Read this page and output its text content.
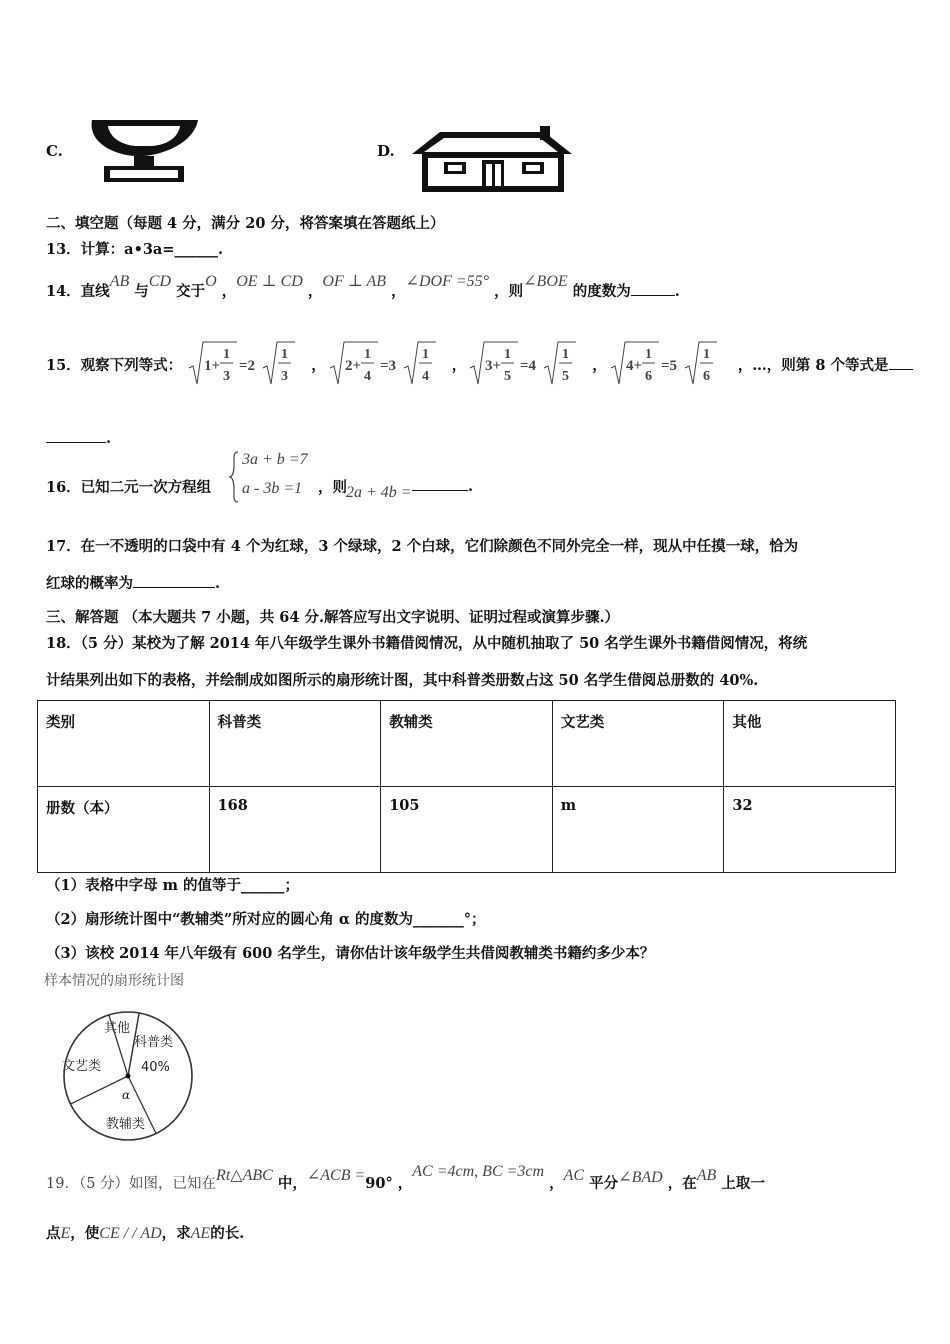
C.	D.
二、填空题（每题 4 分，满分 20 分，将答案填在答题纸上）
13．计算：a•3a=______.
14．直线AB 与CD 交于O ，OE ⊥ CD ，OF ⊥ AB ，∠DOF =55° ，则∠BOE 的度数为	.
15．观察下列等式： 1+
1
3
=2
1
3
， 2+
1
4
=3
1
4
， 3+
1
5
=4
1
5
， 4+
1
6
=5
1
6
，…，则第 8 个等式是
.
16．已知二元一次方程组
3a + b =7
a - 3b =1 ，则 2a + 4b =	.
17．在一不透明的口袋中有 4 个为红球，3 个绿球，2 个白球，它们除颜色不同外完全一样，现从中任摸一球，恰为
红球的概率为	.
三、解答题 （本大题共 7 小题，共 64 分.解答应写出文字说明、证明过程或演算步骤.）
18．（5 分）某校为了解 2014 年八年级学生课外书籍借阅情况，从中随机抽取了 50 名学生课外书籍借阅情况，将统
计结果列出如下的表格，并绘制成如图所示的扇形统计图，其中科普类册数占这 50 名学生借阅总册数的 40%.
类别	科普类	教辅类	文艺类	其他
册数（本）	168	105	m	32
（1）表格中字母 m 的值等于______；
（2）扇形统计图中“教辅类”所对应的圆心角 α 的度数为_______°；
（3）该校 2014 年八年级有 600 名学生，请你估计该年级学生共借阅教辅类书籍约多少本？
样本情况的扇形统计图
其他
科普类
40%
文艺类
α
教辅类
19．（5 分）如图，已知在Rt△ABC 中，∠ACB =90° ，AC =4cm, BC =3cm ，AC 平分∠BAD ，在AB 上取一
点E，使CE / / AD，求AE的长.
